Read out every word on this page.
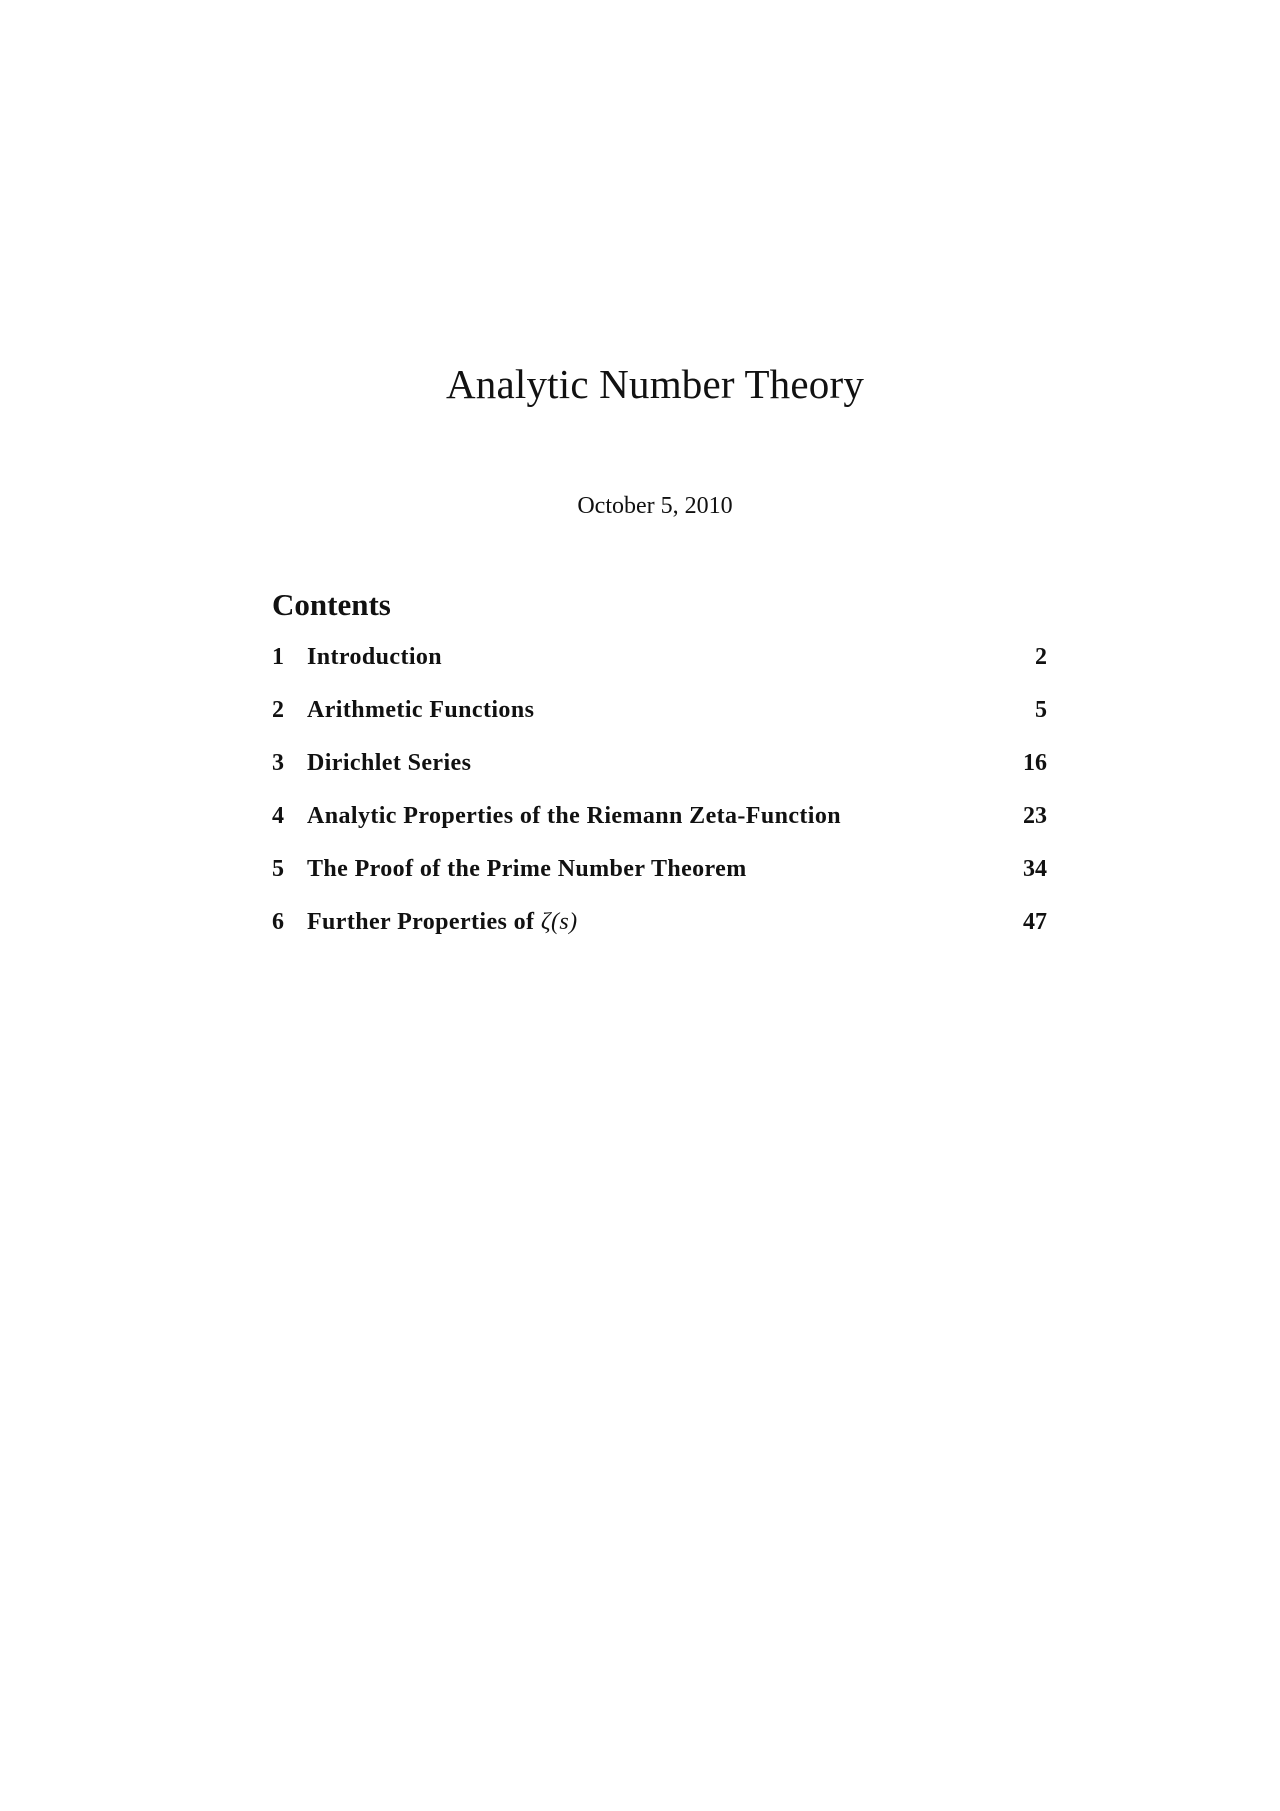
Analytic Number Theory
October 5, 2010
Contents
1 Introduction	2
2 Arithmetic Functions	5
3 Dirichlet Series	16
4 Analytic Properties of the Riemann Zeta-Function	23
5 The Proof of the Prime Number Theorem	34
6 Further Properties of ζ(s)	47
